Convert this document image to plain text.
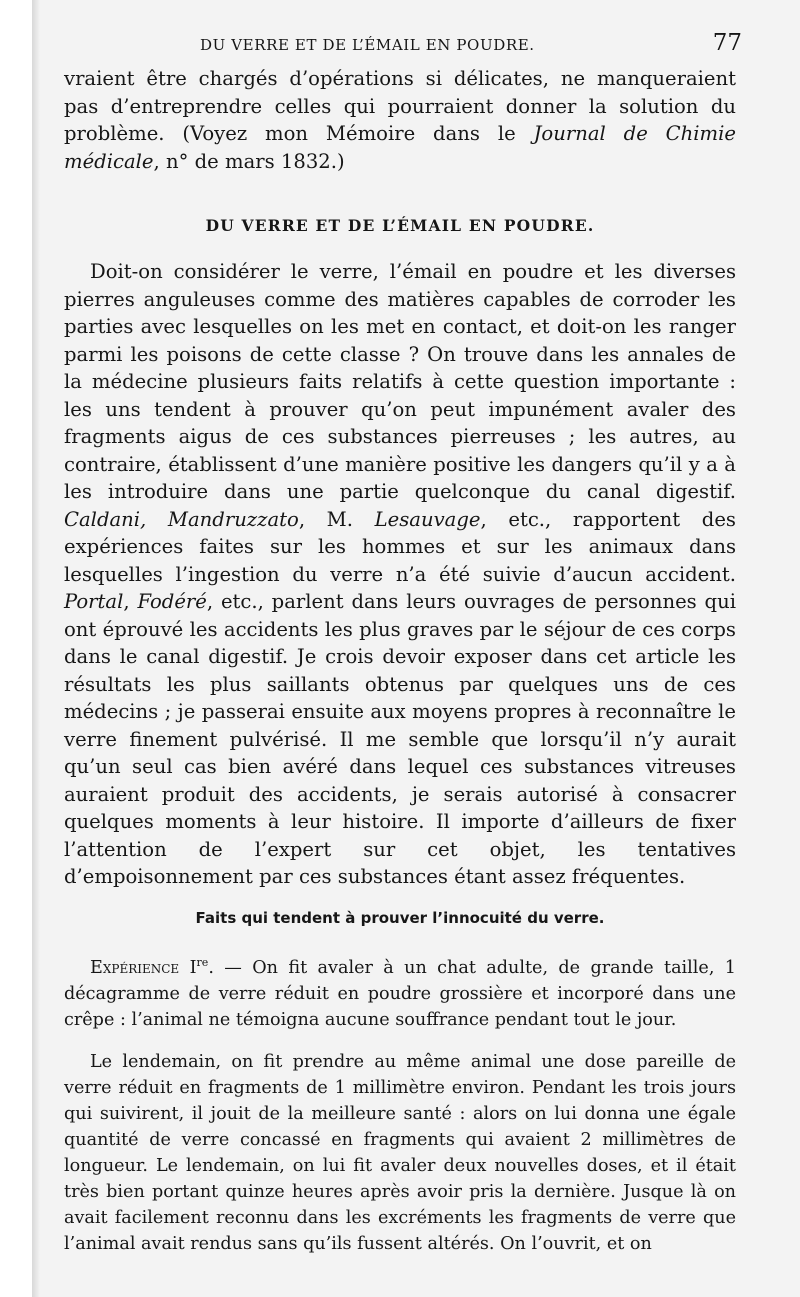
DU VERRE ET DE L’ÉMAIL EN POUDRE.	77

vraient être chargés d’opérations si délicates, ne manqueraient pas d’entreprendre celles qui pourraient donner la solution du problème. (Voyez mon Mémoire dans le Journal de Chimie médicale, n° de mars 1832.)

DU VERRE ET DE L’ÉMAIL EN POUDRE.

Doit-on considérer le verre, l’émail en poudre et les diverses pierres anguleuses comme des matières capables de corroder les parties avec lesquelles on les met en contact, et doit-on les ranger parmi les poisons de cette classe ? On trouve dans les annales de la médecine plusieurs faits relatifs à cette question importante : les uns tendent à prouver qu’on peut impunément avaler des fragments aigus de ces substances pierreuses ; les autres, au contraire, établissent d’une manière positive les dangers qu’il y a à les introduire dans une partie quelconque du canal digestif. Caldani, Mandruzzato, M. Lesauvage, etc., rapportent des expériences faites sur les hommes et sur les animaux dans lesquelles l’ingestion du verre n’a été suivie d’aucun accident. Portal, Fodéré, etc., parlent dans leurs ouvrages de personnes qui ont éprouvé les accidents les plus graves par le séjour de ces corps dans le canal digestif. Je crois devoir exposer dans cet article les résultats les plus saillants obtenus par quelques uns de ces médecins ; je passerai ensuite aux moyens propres à reconnaître le verre finement pulvérisé. Il me semble que lorsqu’il n’y aurait qu’un seul cas bien avéré dans lequel ces substances vitreuses auraient produit des accidents, je serais autorisé à consacrer quelques moments à leur histoire. Il importe d’ailleurs de fixer l’attention de l’expert sur cet objet, les tentatives d’empoisonnement par ces substances étant assez fréquentes.

Faits qui tendent à prouver l’innocuité du verre.

Expérience Ire. — On fit avaler à un chat adulte, de grande taille, 1 décagramme de verre réduit en poudre grossière et incorporé dans une crêpe : l’animal ne témoigna aucune souffrance pendant tout le jour.

Le lendemain, on fit prendre au même animal une dose pareille de verre réduit en fragments de 1 millimètre environ. Pendant les trois jours qui suivirent, il jouit de la meilleure santé : alors on lui donna une égale quantité de verre concassé en fragments qui avaient 2 millimètres de longueur. Le lendemain, on lui fit avaler deux nouvelles doses, et il était très bien portant quinze heures après avoir pris la dernière. Jusque là on avait facilement reconnu dans les excréments les fragments de verre que l’animal avait rendus sans qu’ils fussent altérés. On l’ouvrit, et on
